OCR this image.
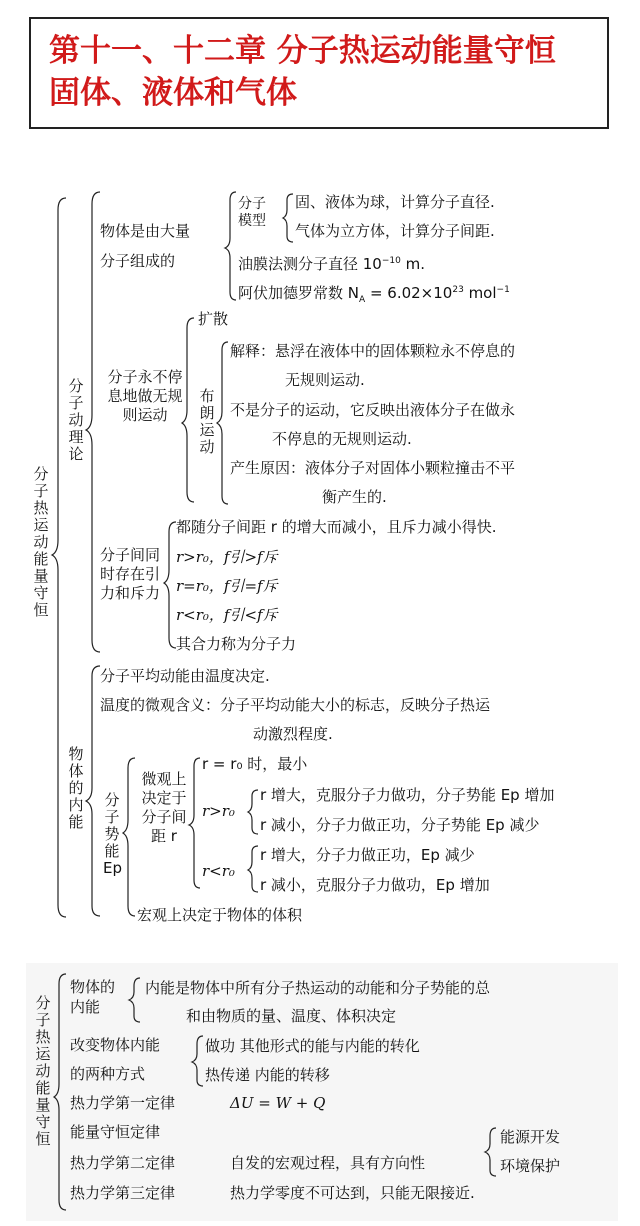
第十一、十二章 分子热运动能量守恒
固体、液体和气体
分子热运动能量守恒
分子动理论
物体是由大量
分子组成的
分子模型
固、液体为球，计算分子直径.
气体为立方体，计算分子间距.
油膜法测分子直径 $10^{-10}$ m.
阿伏加德罗常数 $N_A = 6.02\times 10^{23}$ mol$^{-1}$
分子永不停息地做无规则运动
扩散
布朗运动
解释：悬浮在液体中的固体颗粒永不停息的
无规则运动.
不是分子的运动，它反映出液体分子在做永
不停息的无规则运动.
产生原因：液体分子对固体小颗粒撞击不平
衡产生的.
分子间同时存在引力和斥力
都随分子间距 r 的增大而减小，且斥力减小得快.
r>r₀，f引>f斥
r=r₀，f引=f斥
r<r₀，f引<f斥
其合力称为分子力
物体的内能
分子平均动能由温度决定.
温度的微观含义：分子平均动能大小的标志，反映分子热运
动激烈程度.
分子势能Ep
微观上决定于分子间距 r
r = r₀ 时，最小
r>r₀
r 增大，克服分子力做功，分子势能 Ep 增加
r 减小，分子力做正功，分子势能 Ep 减少
r<r₀
r 增大，分子力做正功，Ep 减少
r 减小，克服分子力做功，Ep 增加
宏观上决定于物体的体积
分子热运动能量守恒
物体的
内能
内能是物体中所有分子热运动的动能和分子势能的总
和由物质的量、温度、体积决定
改变物体内能
的两种方式
做功 其他形式的能与内能的转化
热传递 内能的转移
热力学第一定律	ΔU = W + Q
能量守恒定律
热力学第二定律	自发的宏观过程，具有方向性
能源开发
环境保护
热力学第三定律	热力学零度不可达到，只能无限接近.
